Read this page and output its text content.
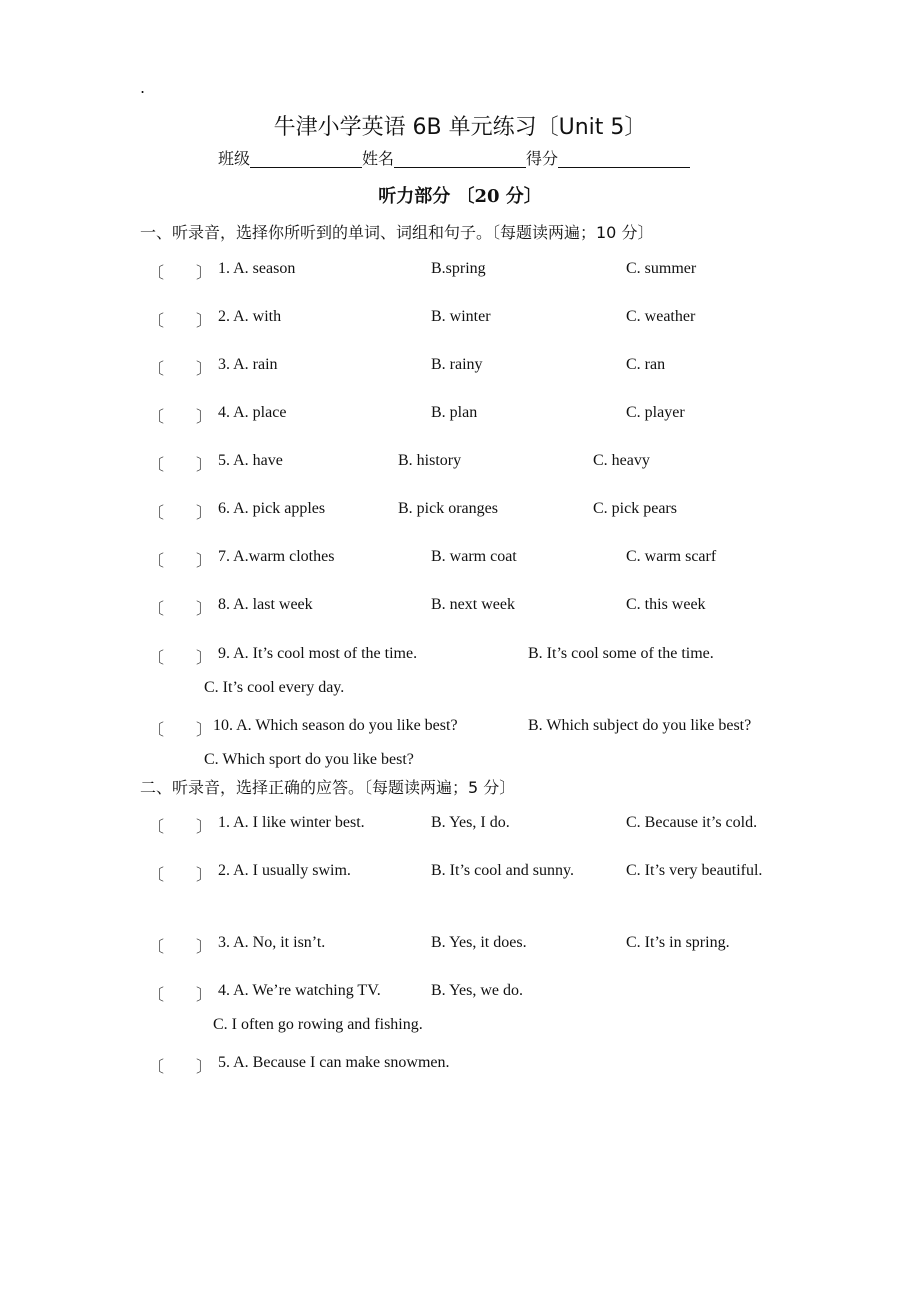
.
牛津小学英语 6B 单元练习〔Unit 5〕
班级	姓名	得分
听力部分 〔20 分〕
一、听录音，选择你所听到的单词、词组和句子。〔每题读两遍；10 分〕
〔 〕 1. A. season	B.spring	C. summer
〔 〕 2. A. with	B. winter	C. weather
〔 〕 3. A. rain	B. rainy	C. ran
〔 〕 4. A. place	B. plan	C. player
〔 〕 5. A. have	B. history	C. heavy
〔 〕 6. A. pick apples	B. pick oranges	C. pick pears
〔 〕 7. A.warm clothes	B. warm coat	C. warm scarf
〔 〕 8. A. last week	B. next week	C. this week
〔 〕 9. A. It’s cool most of the time.	B. It’s cool some of the time.
C. It’s cool every day.
〔 〕 10. A. Which season do you like best?	B. Which subject do you like best?
C. Which sport do you like best?
二、听录音，选择正确的应答。〔每题读两遍；5 分〕
〔 〕 1. A. I like winter best.	B. Yes, I do.	C. Because it’s cold.
〔 〕 2. A. I usually swim.	B. It’s cool and sunny.	C. It’s very beautiful.
〔 〕 3. A. No, it isn’t.	B. Yes, it does.	C. It’s in spring.
〔 〕 4. A. We’re watching TV.	B. Yes, we do.
C. I often go rowing and fishing.
〔 〕 5. A. Because I can make snowmen.
